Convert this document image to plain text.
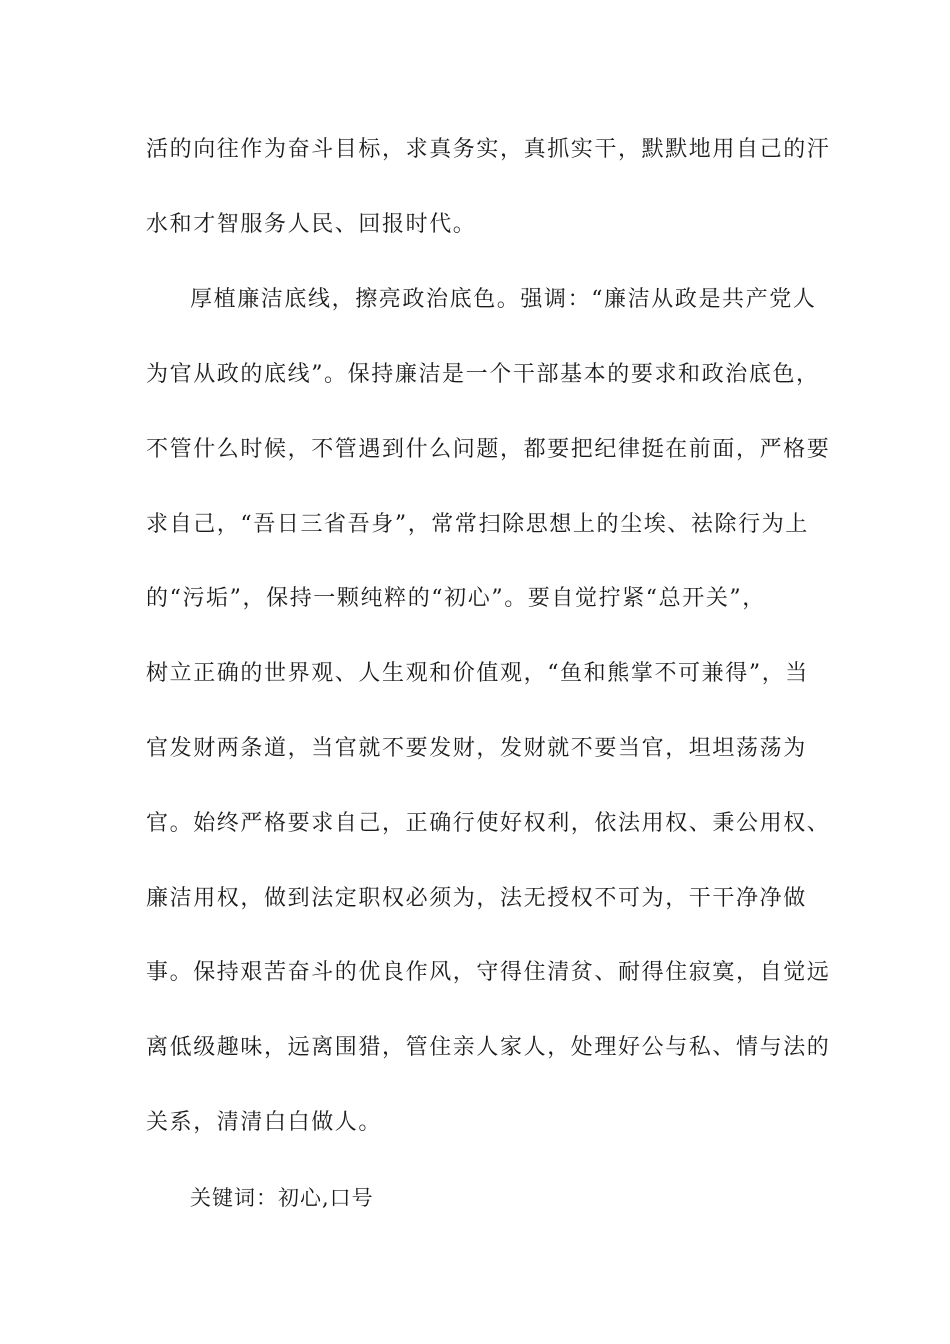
活的向往作为奋斗目标，求真务实，真抓实干，默默地用自己的汗
水和才智服务人民、回报时代。
厚植廉洁底线，擦亮政治底色。强调：“廉洁从政是共产党人
为官从政的底线”。保持廉洁是一个干部基本的要求和政治底色，
不管什么时候，不管遇到什么问题，都要把纪律挺在前面，严格要
求自己，“吾日三省吾身”，常常扫除思想上的尘埃、祛除行为上
的“污垢”，保持一颗纯粹的“初心”。要自觉拧紧“总开关”，
树立正确的世界观、人生观和价值观，“鱼和熊掌不可兼得”，当
官发财两条道，当官就不要发财，发财就不要当官，坦坦荡荡为
官。始终严格要求自己，正确行使好权利，依法用权、秉公用权、
廉洁用权，做到法定职权必须为，法无授权不可为，干干净净做
事。保持艰苦奋斗的优良作风，守得住清贫、耐得住寂寞，自觉远
离低级趣味，远离围猎，管住亲人家人，处理好公与私、情与法的
关系，清清白白做人。
关键词：初心,口号
